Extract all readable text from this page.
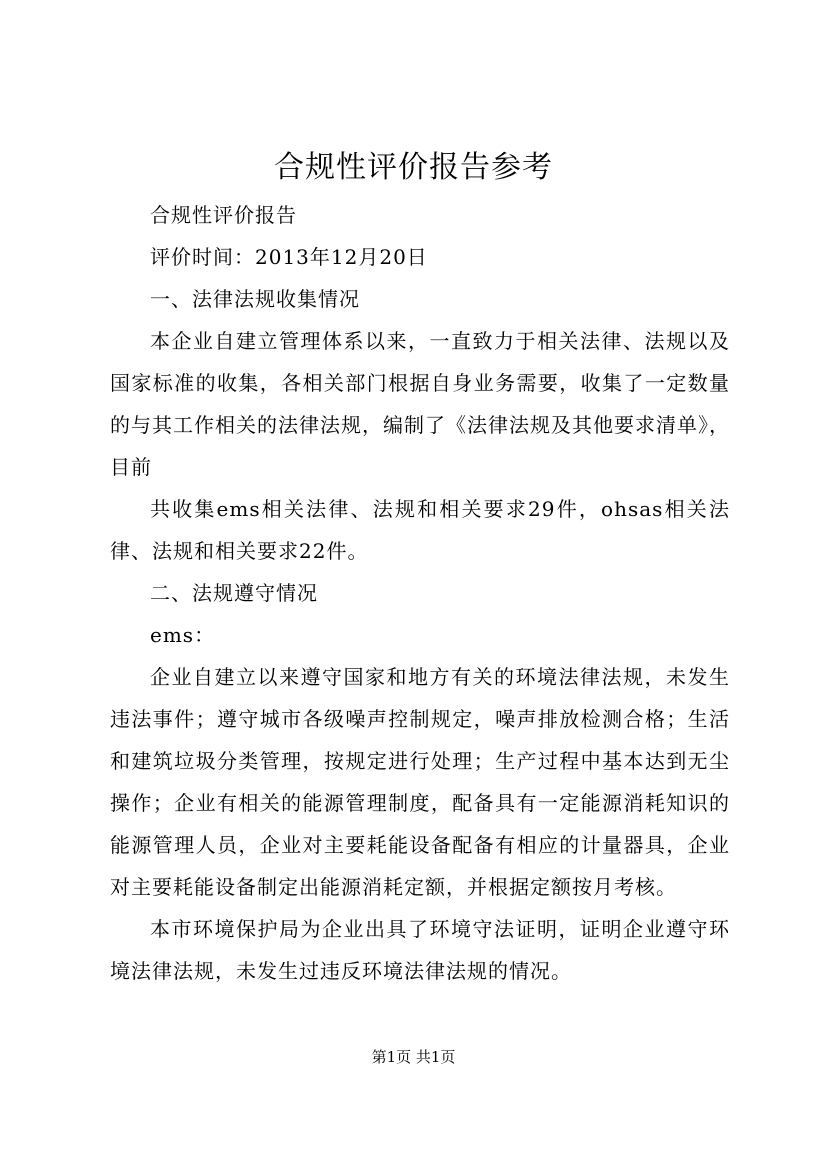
合规性评价报告参考

合规性评价报告

评价时间：2013年12月20日

一、法律法规收集情况

本企业自建立管理体系以来，一直致力于相关法律、法规以及国家标准的收集，各相关部门根据自身业务需要，收集了一定数量的与其工作相关的法律法规，编制了《法律法规及其他要求清单》，目前

共收集ems相关法律、法规和相关要求29件，ohsas相关法律、法规和相关要求22件。

二、法规遵守情况

ems：

企业自建立以来遵守国家和地方有关的环境法律法规，未发生违法事件；遵守城市各级噪声控制规定，噪声排放检测合格；生活和建筑垃圾分类管理，按规定进行处理；生产过程中基本达到无尘操作；企业有相关的能源管理制度，配备具有一定能源消耗知识的能源管理人员，企业对主要耗能设备配备有相应的计量器具，企业对主要耗能设备制定出能源消耗定额，并根据定额按月考核。

本市环境保护局为企业出具了环境守法证明，证明企业遵守环境法律法规，未发生过违反环境法律法规的情况。

第1页 共1页
